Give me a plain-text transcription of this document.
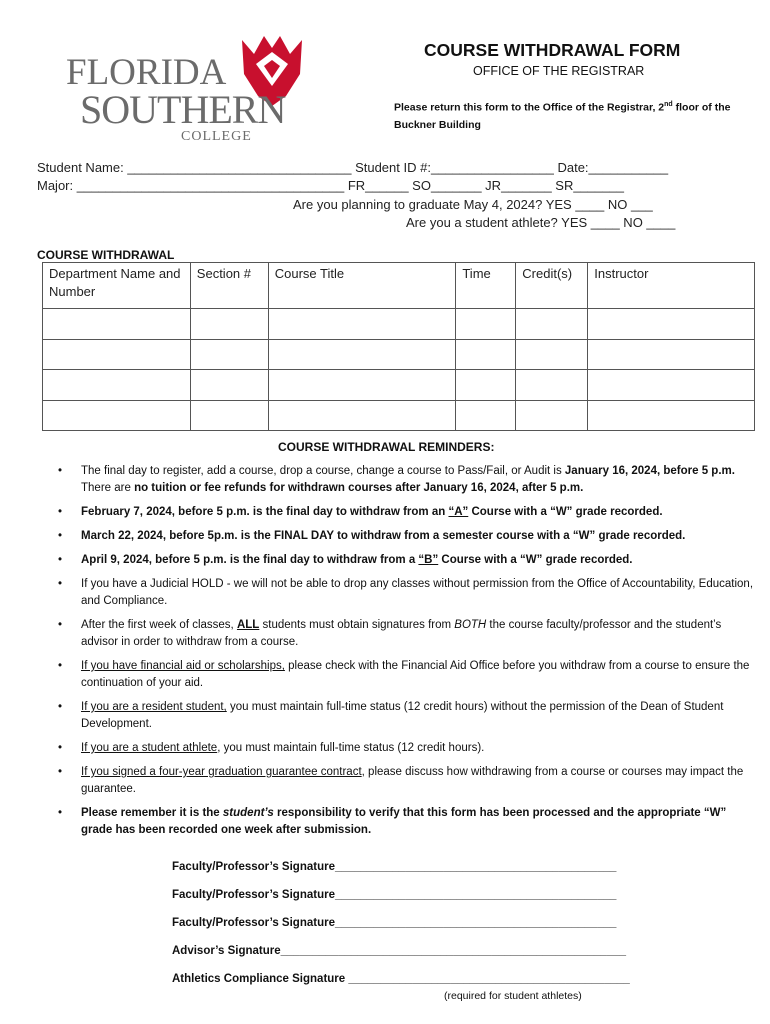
FLORIDA
SOUTHERN
COLLEGE
COURSE WITHDRAWAL FORM
OFFICE OF THE REGISTRAR
Please return this form to the Office of the Registrar, 2nd floor of the Buckner Building
Student Name: _______________________________ Student ID #:_________________ Date:___________
Major: _____________________________________ FR______ SO_______ JR_______ SR_______
Are you planning to graduate May 4, 2024? YES ____ NO ___
Are you a student athlete? YES ____ NO ____
COURSE WITHDRAWAL
Department Name and Number	Section #	Course Title	Time	Credit(s)	Instructor

COURSE WITHDRAWAL REMINDERS:
• The final day to register, add a course, drop a course, change a course to Pass/Fail, or Audit is January 16, 2024, before 5 p.m. There are no tuition or fee refunds for withdrawn courses after January 16, 2024, after 5 p.m.
• February 7, 2024, before 5 p.m. is the final day to withdraw from an “A” Course with a “W” grade recorded.
• March 22, 2024, before 5p.m. is the FINAL DAY to withdraw from a semester course with a “W” grade recorded.
• April 9, 2024, before 5 p.m. is the final day to withdraw from a “B” Course with a “W” grade recorded.
• If you have a Judicial HOLD - we will not be able to drop any classes without permission from the Office of Accountability, Education, and Compliance.
• After the first week of classes, ALL students must obtain signatures from BOTH the course faculty/professor and the student’s advisor in order to withdraw from a course.
• If you have financial aid or scholarships, please check with the Financial Aid Office before you withdraw from a course to ensure the continuation of your aid.
• If you are a resident student, you must maintain full-time status (12 credit hours) without the permission of the Dean of Student Development.
• If you are a student athlete, you must maintain full-time status (12 credit hours).
• If you signed a four-year graduation guarantee contract, please discuss how withdrawing from a course or courses may impact the guarantee.
• Please remember it is the student’s responsibility to verify that this form has been processed and the appropriate “W” grade has been recorded one week after submission.
Faculty/Professor’s Signature____________________________________________
Faculty/Professor’s Signature____________________________________________
Faculty/Professor’s Signature____________________________________________
Advisor’s Signature______________________________________________________
Athletics Compliance Signature ____________________________________________
(required for student athletes)
